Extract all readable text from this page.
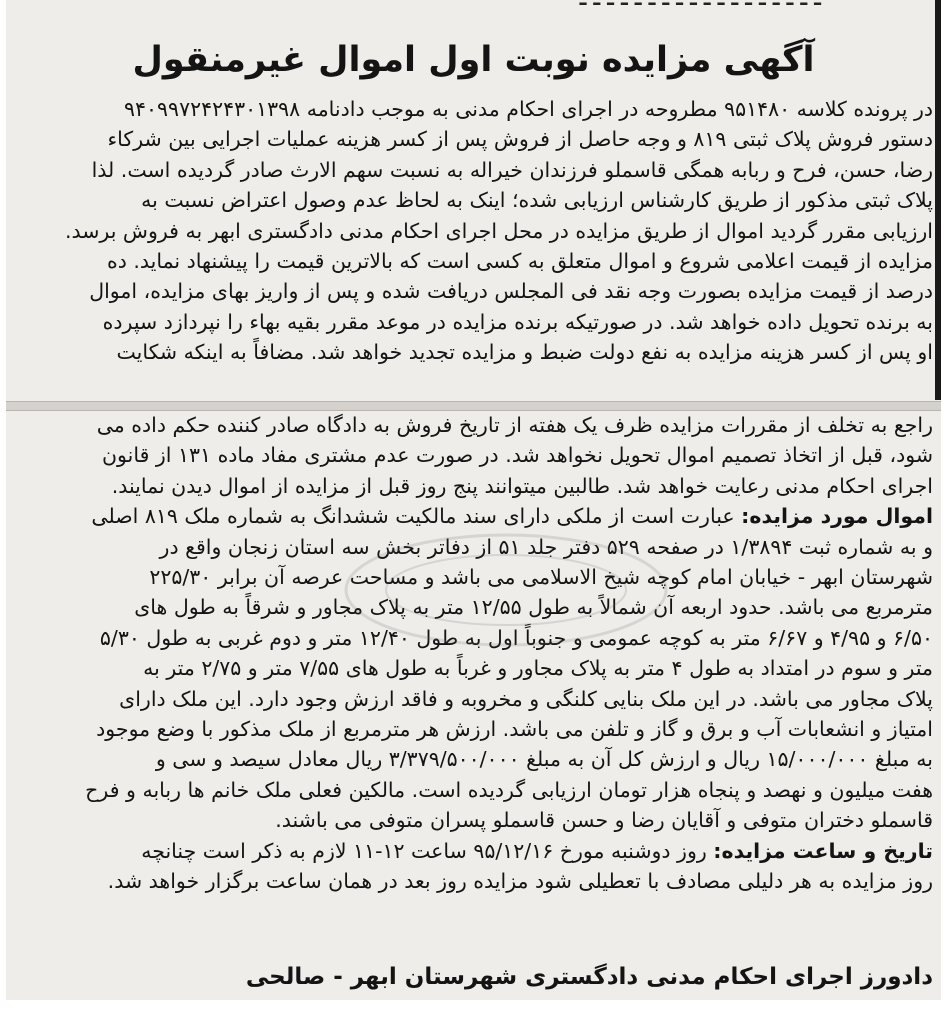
آگهی مزایده نوبت اول اموال غیرمنقول
در پرونده کلاسه ۹۵۱۴۸۰ مطروحه در اجرای احکام مدنی به موجب دادنامه ۹۴۰۹۹۷۲۴۲۴۳۰۱۳۹۸
دستور فروش پلاک ثبتی ۸۱۹ و وجه حاصل از فروش پس از کسر هزینه عملیات اجرایی بین شرکاء
رضا، حسن، فرح و ربابه همگی قاسملو فرزندان خیراله به نسبت سهم الارث صادر گردیده است. لذا
پلاک ثبتی مذکور از طریق کارشناس ارزیابی شده؛ اینک به لحاظ عدم وصول اعتراض نسبت به
ارزیابی مقرر گردید اموال از طریق مزایده در محل اجرای احکام مدنی دادگستری ابهر به فروش برسد.
مزایده از قیمت اعلامی شروع و اموال متعلق به کسی است که بالاترین قیمت را پیشنهاد نماید. ده
درصد از قیمت مزایده بصورت وجه نقد فی المجلس دریافت شده و پس از واریز بهای مزایده، اموال
به برنده تحویل داده خواهد شد. در صورتیکه برنده مزایده در موعد مقرر بقیه بهاء را نپردازد سپرده
او پس از کسر هزینه مزایده به نفع دولت ضبط و مزایده تجدید خواهد شد. مضافاً به اینکه شکایت
راجع به تخلف از مقررات مزایده ظرف یک هفته از تاریخ فروش به دادگاه صادر کننده حکم داده می
شود، قبل از اتخاذ تصمیم اموال تحویل نخواهد شد. در صورت عدم مشتری مفاد ماده ۱۳۱ از قانون
اجرای احکام مدنی رعایت خواهد شد. طالبین میتوانند پنج روز قبل از مزایده از اموال دیدن نمایند.
اموال مورد مزایده: عبارت است از ملکی دارای سند مالکیت ششدانگ به شماره ملک ۸۱۹ اصلی
و به شماره ثبت ۱/۳۸۹۴ در صفحه ۵۲۹ دفتر جلد ۵۱ از دفاتر بخش سه استان زنجان واقع در
شهرستان ابهر - خیابان امام کوچه شیخ الاسلامی می باشد و مساحت عرصه آن برابر ۲۲۵/۳۰
مترمربع می باشد. حدود اربعه آن شمالاً به طول ۱۲/۵۵ متر به پلاک مجاور و شرقاً به طول های
۶/۵۰ و ۴/۹۵ و ۶/۶۷ متر به کوچه عمومی و جنوباً اول به طول ۱۲/۴۰ متر و دوم غربی به طول ۵/۳۰
متر و سوم در امتداد به طول ۴ متر به پلاک مجاور و غرباً به طول های ۷/۵۵ متر و ۲/۷۵ متر به
پلاک مجاور می باشد. در این ملک بنایی کلنگی و مخروبه و فاقد ارزش وجود دارد. این ملک دارای
امتیاز و انشعابات آب و برق و گاز و تلفن می باشد. ارزش هر مترمربع از ملک مذکور با وضع موجود
به مبلغ ۱۵/۰۰۰/۰۰۰ ریال و ارزش کل آن به مبلغ ۳/۳۷۹/۵۰۰/۰۰۰ ریال معادل سیصد و سی و
هفت میلیون و نهصد و پنجاه هزار تومان ارزیابی گردیده است. مالکین فعلی ملک خانم ها ربابه و فرح
قاسملو دختران متوفی و آقایان رضا و حسن قاسملو پسران متوفی می باشند.
تاریخ و ساعت مزایده: روز دوشنبه مورخ ۹۵/۱۲/۱۶ ساعت ۱۲-۱۱ لازم به ذکر است چنانچه
روز مزایده به هر دلیلی مصادف با تعطیلی شود مزایده روز بعد در همان ساعت برگزار خواهد شد.
دادورز اجرای احکام مدنی دادگستری شهرستان ابهر - صالحی
